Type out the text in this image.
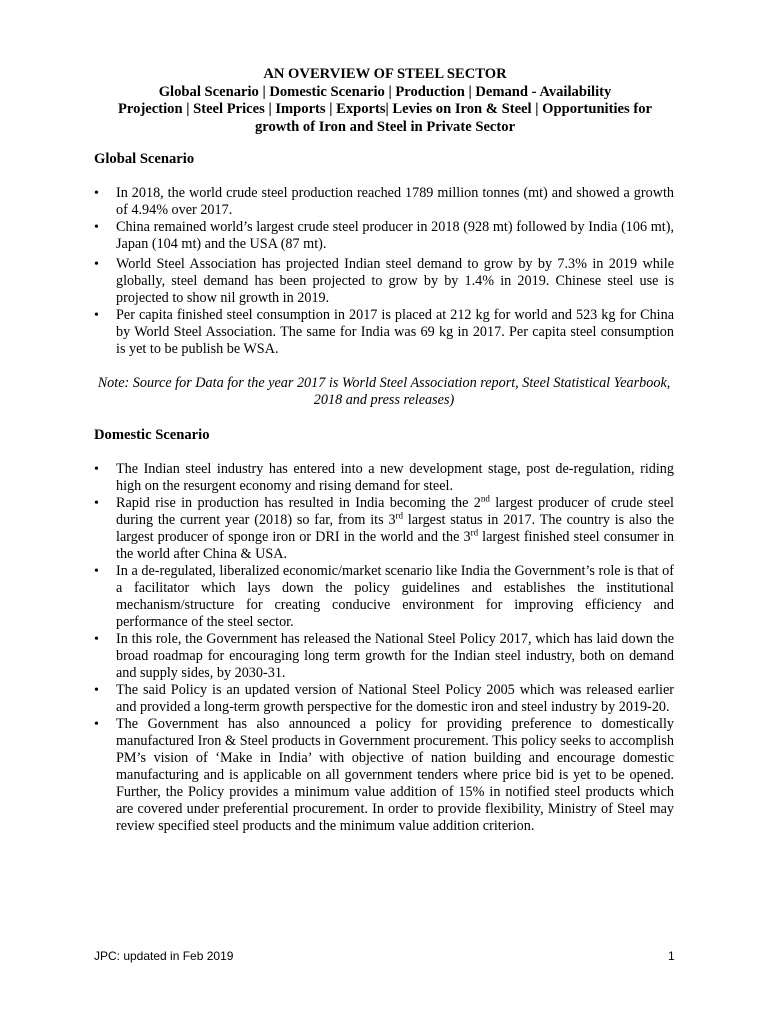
AN OVERVIEW OF STEEL SECTOR
Global Scenario | Domestic Scenario | Production | Demand - Availability
Projection | Steel Prices | Imports | Exports| Levies on Iron & Steel | Opportunities for
growth of Iron and Steel in Private Sector
Global Scenario
• In 2018, the world crude steel production reached 1789 million tonnes (mt) and showed a growth of 4.94% over 2017.
• China remained world’s largest crude steel producer in 2018 (928 mt) followed by India (106 mt), Japan (104 mt) and the USA (87 mt).
• World Steel Association has projected Indian steel demand to grow by by 7.3% in 2019 while globally, steel demand has been projected to grow by by 1.4% in 2019. Chinese steel use is projected to show nil growth in 2019.
• Per capita finished steel consumption in 2017 is placed at 212 kg for world and 523 kg for China by World Steel Association. The same for India was 69 kg in 2017. Per capita steel consumption is yet to be publish be WSA.
Note: Source for Data for the year 2017 is World Steel Association report, Steel Statistical Yearbook, 2018 and press releases)
Domestic Scenario
• The Indian steel industry has entered into a new development stage, post de-regulation, riding high on the resurgent economy and rising demand for steel.
• Rapid rise in production has resulted in India becoming the 2nd largest producer of crude steel during the current year (2018) so far, from its 3rd largest status in 2017. The country is also the largest producer of sponge iron or DRI in the world and the 3rd largest finished steel consumer in the world after China & USA.
• In a de-regulated, liberalized economic/market scenario like India the Government’s role is that of a facilitator which lays down the policy guidelines and establishes the institutional mechanism/structure for creating conducive environment for improving efficiency and performance of the steel sector.
• In this role, the Government has released the National Steel Policy 2017, which has laid down the broad roadmap for encouraging long term growth for the Indian steel industry, both on demand and supply sides, by 2030-31.
• The said Policy is an updated version of National Steel Policy 2005 which was released earlier and provided a long-term growth perspective for the domestic iron and steel industry by 2019-20.
• The Government has also announced a policy for providing preference to domestically manufactured Iron & Steel products in Government procurement. This policy seeks to accomplish PM’s vision of ‘Make in India’ with objective of nation building and encourage domestic manufacturing and is applicable on all government tenders where price bid is yet to be opened. Further, the Policy provides a minimum value addition of 15% in notified steel products which are covered under preferential procurement. In order to provide flexibility, Ministry of Steel may review specified steel products and the minimum value addition criterion.
JPC: updated in Feb 2019	1
